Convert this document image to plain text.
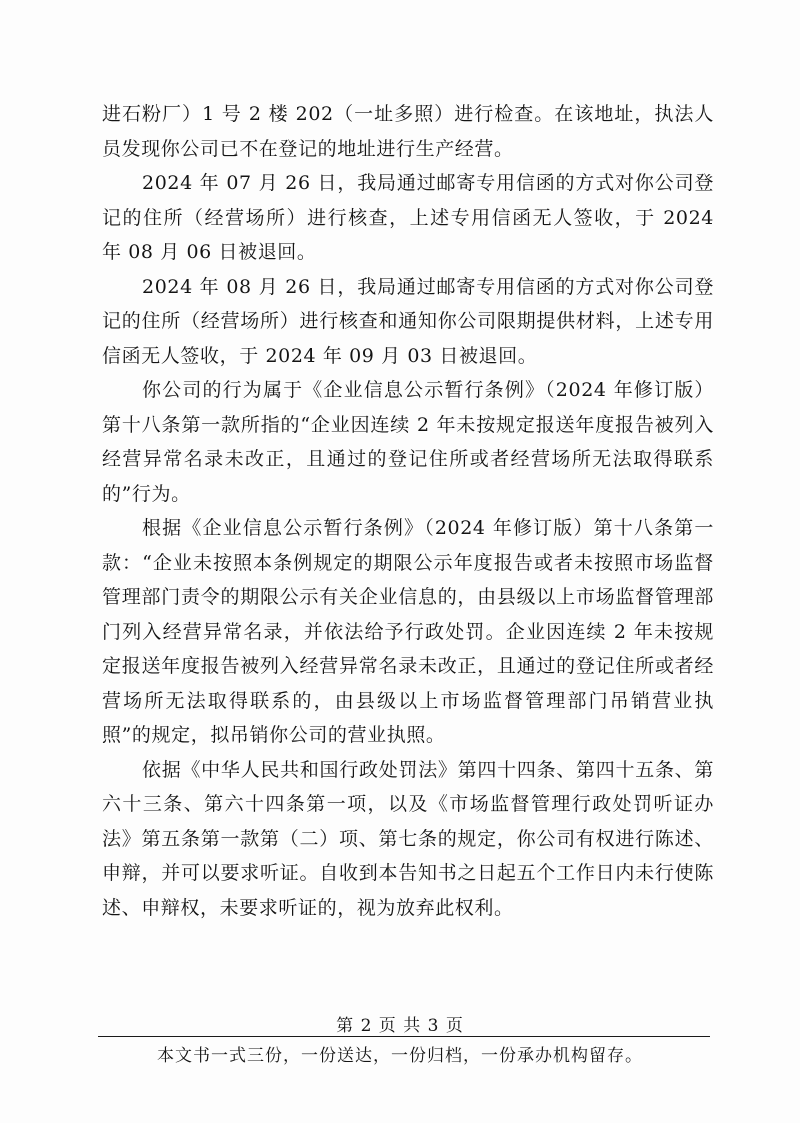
进石粉厂）1 号 2 楼 202（一址多照）进行检查。在该地址，执法人员发现你公司已不在登记的地址进行生产经营。

2024 年 07 月 26 日，我局通过邮寄专用信函的方式对你公司登记的住所（经营场所）进行核查，上述专用信函无人签收，于 2024 年 08 月 06 日被退回。

2024 年 08 月 26 日，我局通过邮寄专用信函的方式对你公司登记的住所（经营场所）进行核查和通知你公司限期提供材料，上述专用信函无人签收，于 2024 年 09 月 03 日被退回。

你公司的行为属于《企业信息公示暂行条例》（2024 年修订版）第十八条第一款所指的“企业因连续 2 年未按规定报送年度报告被列入经营异常名录未改正，且通过的登记住所或者经营场所无法取得联系的”行为。

根据《企业信息公示暂行条例》（2024 年修订版）第十八条第一款：“企业未按照本条例规定的期限公示年度报告或者未按照市场监督管理部门责令的期限公示有关企业信息的，由县级以上市场监督管理部门列入经营异常名录，并依法给予行政处罚。企业因连续 2 年未按规定报送年度报告被列入经营异常名录未改正，且通过的登记住所或者经营场所无法取得联系的，由县级以上市场监督管理部门吊销营业执照”的规定，拟吊销你公司的营业执照。

依据《中华人民共和国行政处罚法》第四十四条、第四十五条、第六十三条、第六十四条第一项，以及《市场监督管理行政处罚听证办法》第五条第一款第（二）项、第七条的规定，你公司有权进行陈述、申辩，并可以要求听证。自收到本告知书之日起五个工作日内未行使陈述、申辩权，未要求听证的，视为放弃此权利。

第 2 页 共 3 页
本文书一式三份，一份送达，一份归档，一份承办机构留存。
